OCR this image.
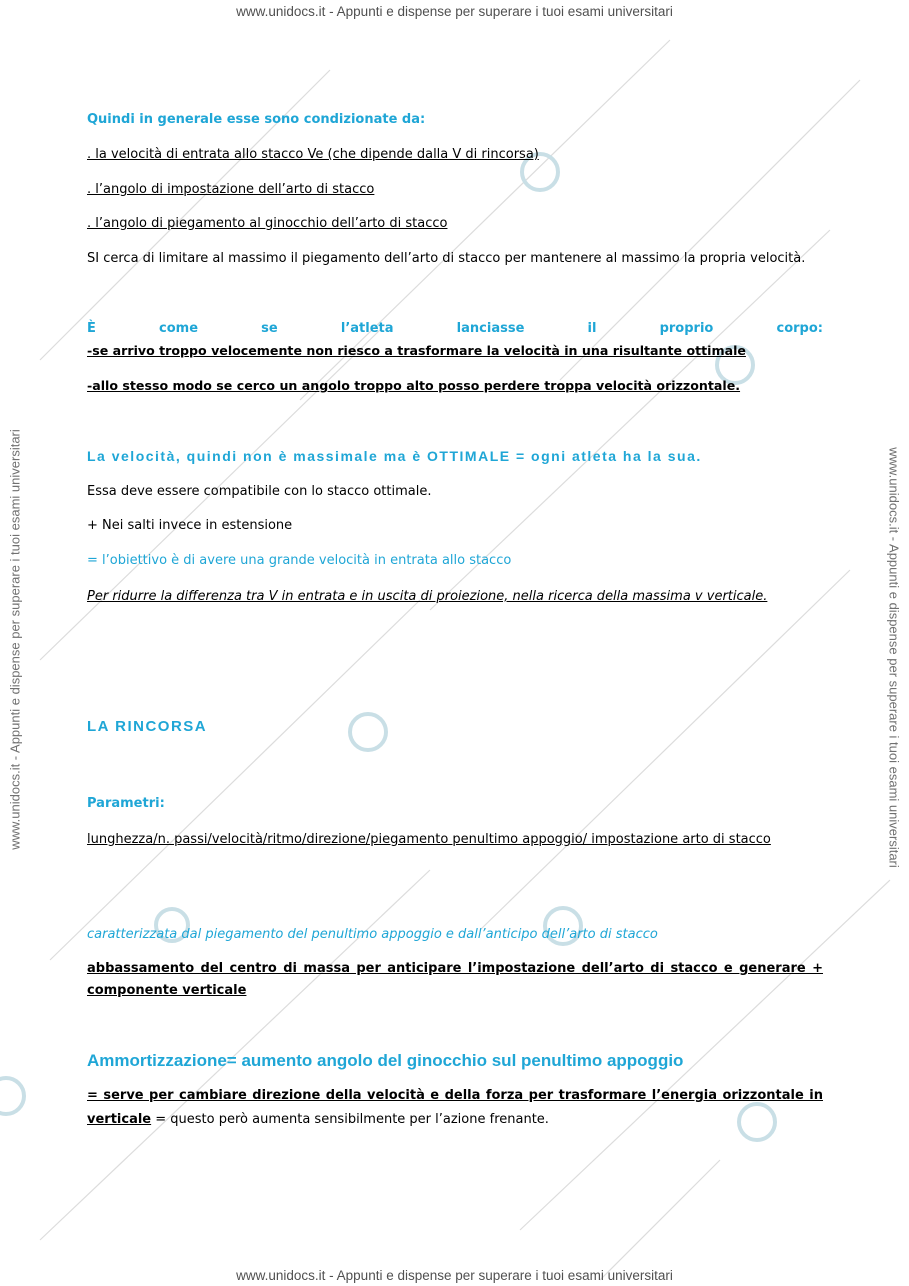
www.unidocs.it - Appunti e dispense per superare i tuoi esami universitari
www.unidocs.it - Appunti e dispense per superare i tuoi esami universitari
www.unidocs.it - Appunti e dispense per superare i tuoi esami universitari	www.unidocs.it - Appunti e dispense per superare i tuoi esami universitari
Quindi in generale esse sono condizionate da:
. la velocità di entrata allo stacco Ve (che dipende dalla V di rincorsa)
. l’angolo di impostazione dell’arto di stacco
. l’angolo di piegamento al ginocchio dell’arto di stacco
SI cerca di limitare al massimo il piegamento dell’arto di stacco per mantenere al massimo la propria velocità.
È	come	se	l’atleta	lanciasse	il	proprio	corpo:
-se arrivo troppo velocemente non riesco a trasformare la velocità in una risultante ottimale
-allo stesso modo se cerco un angolo troppo alto posso perdere troppa velocità orizzontale.
La velocità, quindi non è massimale ma è OTTIMALE = ogni atleta ha la sua.
Essa deve essere compatibile con lo stacco ottimale.
+ Nei salti invece in estensione
= l’obiettivo è di avere una grande velocità in entrata allo stacco
Per ridurre la differenza tra V in entrata e in uscita di proiezione, nella ricerca della massima v verticale.
LA RINCORSA
Parametri:
lunghezza/n. passi/velocità/ritmo/direzione/piegamento penultimo appoggio/ impostazione arto di stacco
caratterizzata dal piegamento del penultimo appoggio e dall’anticipo dell’arto di stacco
abbassamento del centro di massa per anticipare l’impostazione dell’arto di stacco e generare + componente verticale
Ammortizzazione= aumento angolo del ginocchio sul penultimo appoggio
= serve per cambiare direzione della velocità e della forza per trasformare l’energia orizzontale in verticale = questo però aumenta sensibilmente per l’azione frenante.
